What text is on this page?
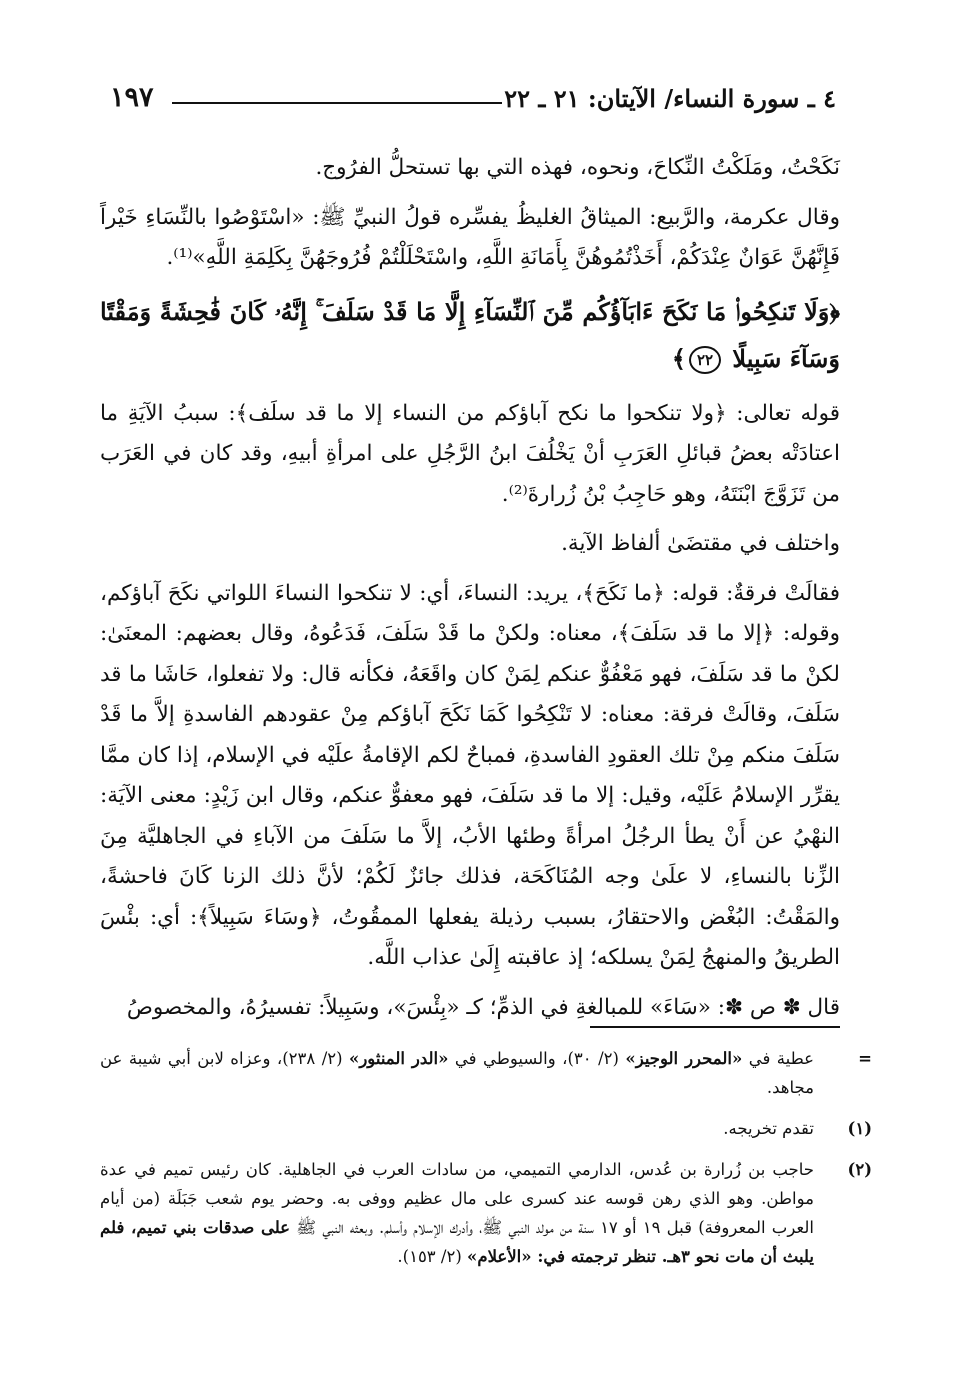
١٩٧	٤ ـ سورة النساء/ الآيتان: ٢١ ـ ٢٢

نَكَحْتُ، ومَلَكْتُ النِّكاحَ، ونحوه، فهذه التي بها تستحلُّ الفرُوج.

وقال عكرمة، والرَّبيع: الميثاقُ الغليظُ يفسِّره قولُ النبيِّ ﷺ: «اسْتَوْصُوا بالنِّسَاءِ خَيْراً فَإِنَّهُنَّ عَوَانٌ عِنْدَكُمْ، أَخَذْتُمُوهُنَّ بِأَمَانَةِ اللَّهِ، واسْتَحْلَلْتُمْ فُرُوجَهُنَّ بِكَلِمَةِ اللَّهِ»⁽¹⁾.

﴿وَلَا تَنكِحُوا۟ مَا نَكَحَ ءَابَآؤُكُم مِّنَ ٱلنِّسَآءِ إِلَّا مَا قَدْ سَلَفَ ۚ إِنَّهُۥ كَانَ فَٰحِشَةً وَمَقْتًا وَسَآءَ سَبِيلًا ٢٢﴾

قوله تعالى: ﴿ولا تنكحوا ما نكح آباؤكم من النساء إلا ما قد سلَف﴾: سببُ الآيَةِ ما اعتادَتْه بعضُ قبائلِ العَرَبِ أنْ يَخْلُفَ ابنُ الرَّجُلِ على امرأةِ أبيهِ، وقد كان في العَرَب من تَزَوَّجَ ابْنَتَهُ، وهو حَاجِبُ بْنُ زُرارةَ⁽²⁾.

واختلف في مقتضَىٰ ألفاظ الآية.

فقالَتْ فرقةٌ: قوله: ﴿ما نَكَحَ﴾، يريد: النساءَ، أي: لا تنكحوا النساءَ اللواتي نكَحَ آباؤكم، وقوله: ﴿إلا ما قد سَلَفَ﴾، معناه: ولكنْ ما قَدْ سَلَفَ، فَدَعُوهُ، وقال بعضهم: المعنَىٰ: لكنْ ما قد سَلَفَ، فهو مَعْفُوٌّ عنكم لِمَنْ كان واقَعَهُ، فكأنه قال: ولا تفعلوا، حَاشَا ما قد سَلَفَ، وقالَتْ فرقة: معناه: لا تَنْكِحُوا كَمَا نَكَحَ آباؤكم مِنْ عقودهم الفاسدةِ إلاَّ ما قَدْ سَلَفَ منكم مِنْ تلك العقودِ الفاسدةِ، فمباحٌ لكم الإقامةُ علَيْه في الإسلام، إذا كان ممَّا يقرِّر الإسلامُ عَلَيْه، وقيل: إلا ما قد سَلَفَ، فهو معفوٌّ عنكم، وقال ابن زَيْدٍ: معنى الآيَة: النهْيُ عن أَنْ يطأ الرجُلُ امرأةً وطئها الأبُ، إلاَّ ما سَلَفَ من الآباءِ في الجاهليَّة مِنَ الزِّنا بالنساءِ، لا علَىٰ وجه المُنَاكَحَة، فذلك جائزٌ لَكُمْ؛ لأنَّ ذلك الزنا كَانَ فاحشةً، والمَقْتُ: البُغْض والاحتقارُ، بسبب رذيلة يفعلها الممقُوتُ، ﴿وسَاءَ سَبِيلاً﴾: أي: بئْسَ الطريقُ والمنهجُ لِمَنْ يسلكه؛ إذ عاقبته إِلَىٰ عذاب اللَّه.

قال ✽ ص ✽: «سَاءَ» للمبالغةِ في الذمِّ؛ كـ «بِئْسَ»، وسَبِيلاً: تفسيرُهُ، والمخصوصُ

=
عطية في «المحرر الوجيز» (٢/ ٣٠)، والسيوطي في «الدر المنثور» (٢/ ٢٣٨)، وعزاه لابن أبي شيبة عن مجاهد.
(١)
تقدم تخريجه.
(٢)
حاجب بن زُرارة بن عُدس، الدارمي التميمي، من سادات العرب في الجاهلية. كان رئيس تميم في عدة مواطن. وهو الذي رهن قوسه عند كسرى على مال عظيم ووفى به. وحضر يوم شعب جَبَلَة (من أيام العرب المعروفة) قبل ١٩ أو ١٧ سنة من مولد النبي ﷺ، وأدرك الإسلام وأسلم. وبعثه النبي ﷺ على صدقات بني تميم، فلم يلبث أن مات نحو ٣هـ. تنظر ترجمته في: «الأعلام» (٢/ ١٥٣).
